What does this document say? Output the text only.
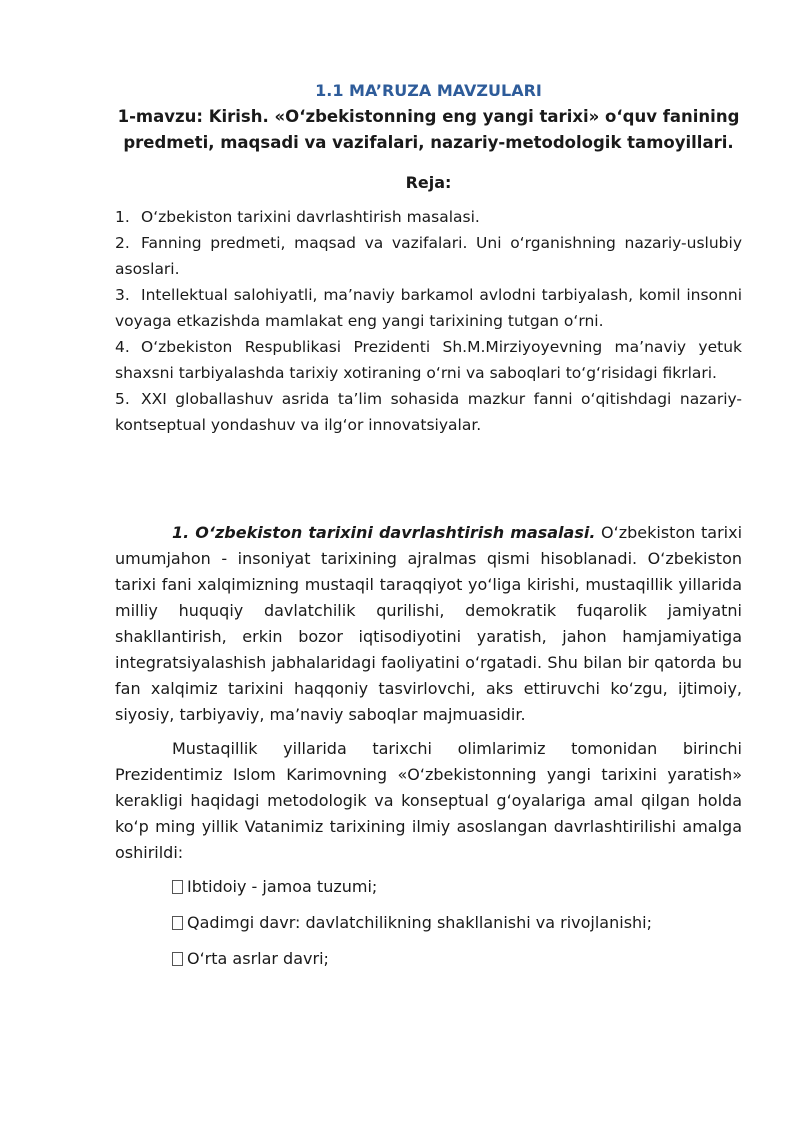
1.1 MA’RUZA MAVZULARI

1-mavzu: Kirish. «O‘zbekistonning eng yangi tarixi» o‘quv fanining predmeti, maqsadi va vazifalari, nazariy-metodologik tamoyillari.

Reja:

1. O‘zbekiston tarixini davrlashtirish masalasi.

2. Fanning predmeti, maqsad va vazifalari. Uni o‘rganishning nazariy-uslubiy asoslari.

3. Intellektual salohiyatli, ma’naviy barkamol avlodni tarbiyalash, komil insonni voyaga etkazishda mamlakat eng yangi tarixining tutgan o‘rni.

4. O‘zbekiston Respublikasi Prezidenti Sh.M.Mirziyoyevning ma’naviy yetuk shaxsni tarbiyalashda tarixiy xotiraning o‘rni va saboqlari to‘g‘risidagi fikrlari.

5. XXI globallashuv asrida ta’lim sohasida mazkur fanni o‘qitishdagi nazariy- kontseptual yondashuv va ilg‘or innovatsiyalar.

1. O‘zbekiston tarixini davrlashtirish masalasi. O‘zbekiston tarixi umumjahon - insoniyat tarixining ajralmas qismi hisoblanadi. O‘zbekiston tarixi fani xalqimizning mustaqil taraqqiyot yo‘liga kirishi, mustaqillik yillarida milliy huquqiy davlatchilik qurilishi, demokratik fuqarolik jamiyatni shakllantirish, erkin bozor iqtisodiyotini yaratish, jahon hamjamiyatiga integratsiyalashish jabhalaridagi faoliyatini o‘rgatadi. Shu bilan bir qatorda bu fan xalqimiz tarixini haqqoniy tasvirlovchi, aks ettiruvchi ko‘zgu, ijtimoiy, siyosiy, tarbiyaviy, ma’naviy saboqlar majmuasidir.

Mustaqillik yillarida tarixchi olimlarimiz tomonidan birinchi Prezidentimiz Islom Karimovning «O‘zbekistonning yangi tarixini yaratish» kerakligi haqidagi metodologik va konseptual g‘oyalariga amal qilgan holda ko‘p ming yillik Vatanimiz tarixining ilmiy asoslangan davrlashtirilishi amalga oshirildi:

Ibtidoiy - jamoa tuzumi;

Qadimgi davr: davlatchilikning shakllanishi va rivojlanishi;

O‘rta asrlar davri;
